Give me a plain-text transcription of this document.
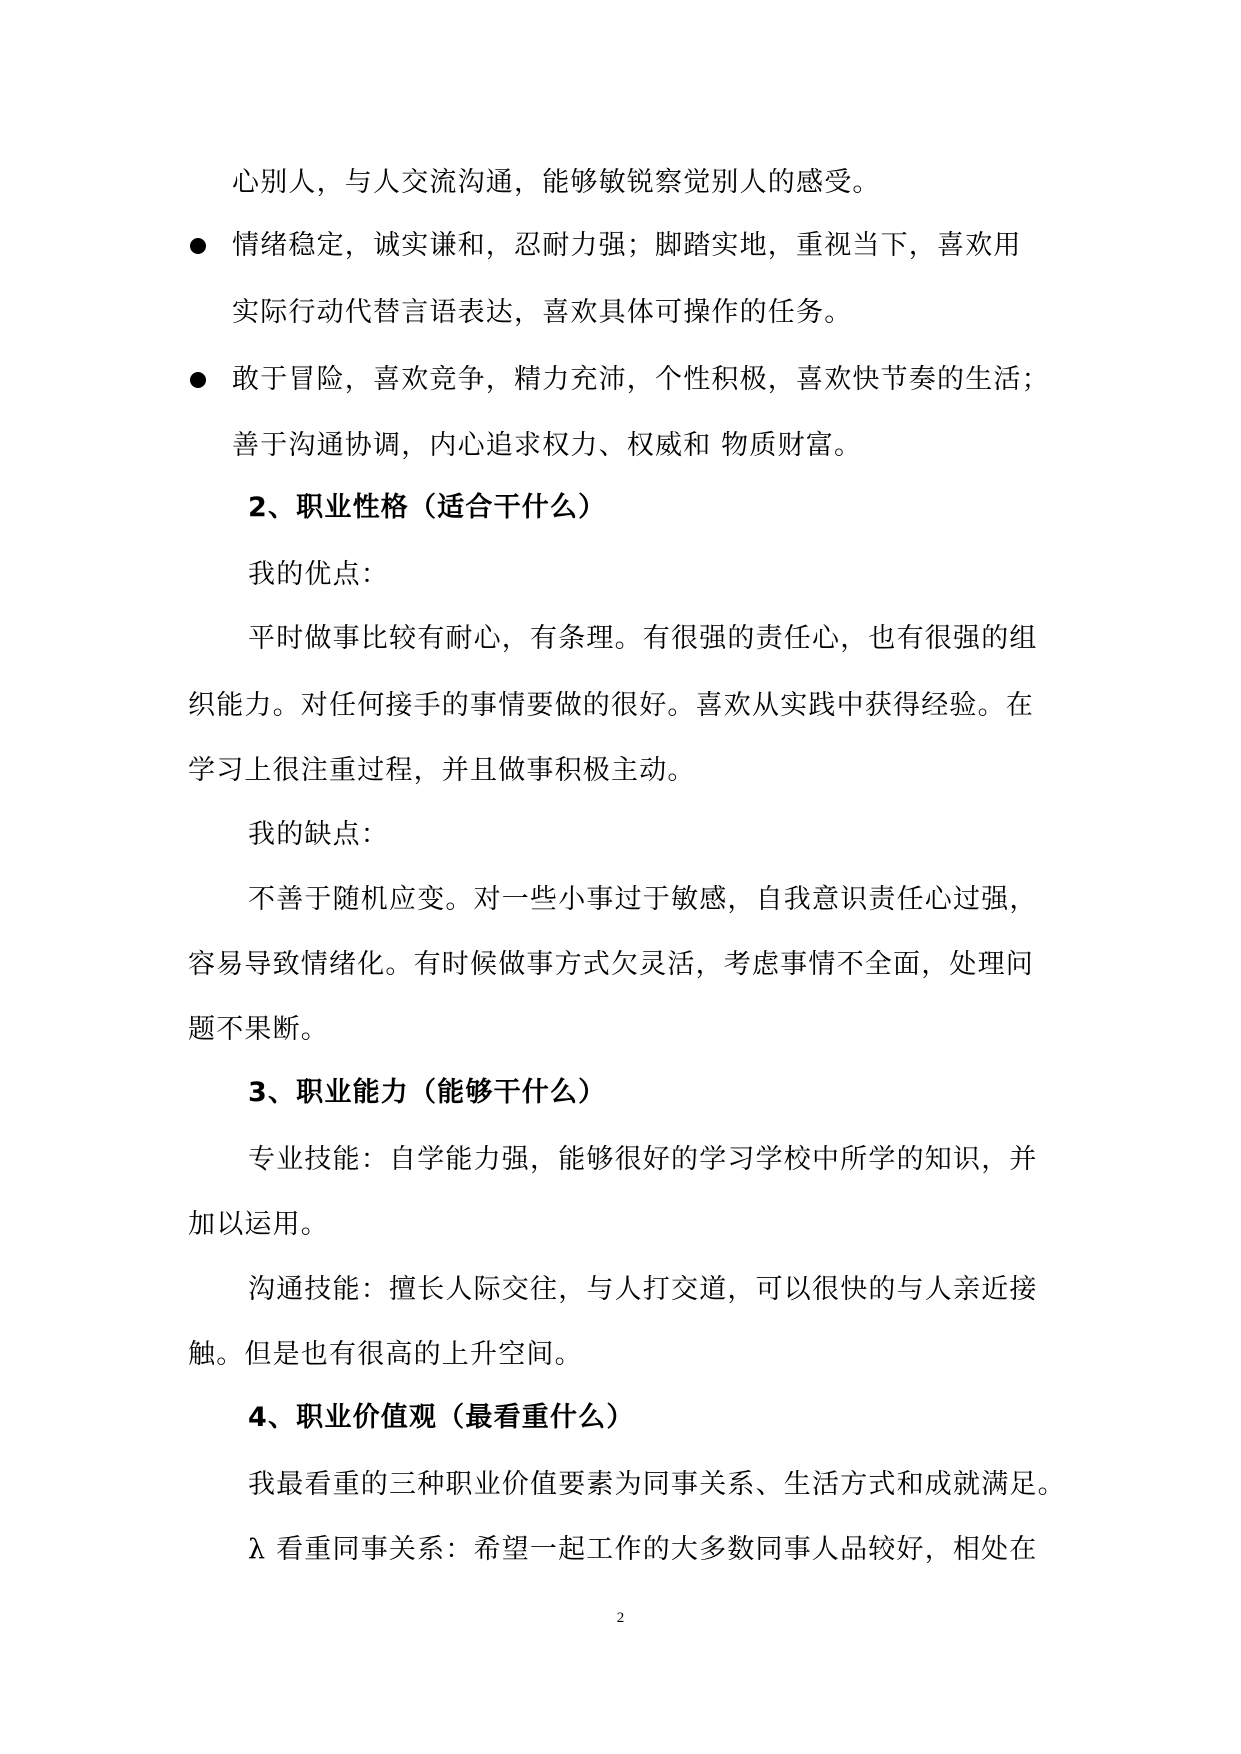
心别人，与人交流沟通，能够敏锐察觉别人的感受。
情绪稳定，诚实谦和，忍耐力强；脚踏实地，重视当下，喜欢用
实际行动代替言语表达，喜欢具体可操作的任务。
敢于冒险，喜欢竞争，精力充沛，个性积极，喜欢快节奏的生活；
善于沟通协调，内心追求权力、权威和 物质财富。
2、职业性格（适合干什么）
我的优点：
平时做事比较有耐心，有条理。有很强的责任心，也有很强的组
织能力。对任何接手的事情要做的很好。喜欢从实践中获得经验。在
学习上很注重过程，并且做事积极主动。
我的缺点：
不善于随机应变。对一些小事过于敏感，自我意识责任心过强，
容易导致情绪化。有时候做事方式欠灵活，考虑事情不全面，处理问
题不果断。
3、职业能力（能够干什么）
专业技能：自学能力强，能够很好的学习学校中所学的知识，并
加以运用。
沟通技能：擅长人际交往，与人打交道，可以很快的与人亲近接
触。但是也有很高的上升空间。
4、职业价值观（最看重什么）
我最看重的三种职业价值要素为同事关系、生活方式和成就满足。
λ 看重同事关系：希望一起工作的大多数同事人品较好，相处在
2
